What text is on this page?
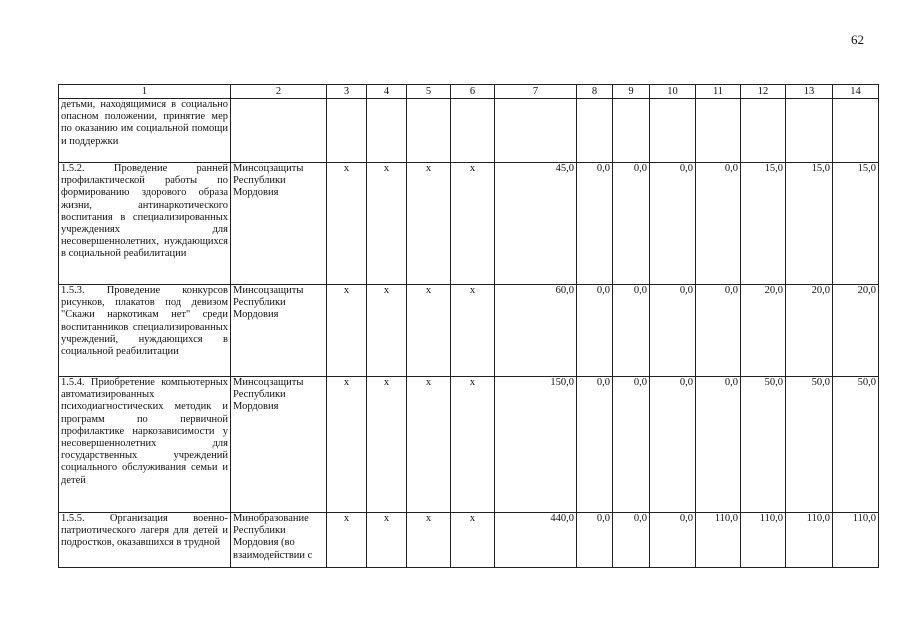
62
1	2	3	4	5	6	7	8	9	10	11	12	13	14
детьми, находящимися в социально опасном положении, принятие мер по оказанию им социальной помощи и поддержки													
1.5.2. Проведение ранней профилактической работы по формированию здорового образа жизни, антинаркотического воспитания в специализированных учреждениях для несовершеннолетних, нуждающихся в социальной реабилитации	Минсоцзащиты Республики Мордовия	х	х	х	х	45,0	0,0	0,0	0,0	0,0	15,0	15,0	15,0
1.5.3. Проведение конкурсов рисунков, плакатов под девизом "Скажи наркотикам нет" среди воспитанников специализированных учреждений, нуждающихся в социальной реабилитации	Минсоцзащиты Республики Мордовия	х	х	х	х	60,0	0,0	0,0	0,0	0,0	20,0	20,0	20,0
1.5.4. Приобретение компьютерных автоматизированных психодиагностических методик и программ по первичной профилактике наркозависимости у несовершеннолетних для государственных учреждений социального обслуживания семьи и детей	Минсоцзащиты Республики Мордовия	х	х	х	х	150,0	0,0	0,0	0,0	0,0	50,0	50,0	50,0
1.5.5. Организация военно-патриотического лагеря для детей и подростков, оказавшихся в трудной	Минобразование Республики Мордовия (во взаимодействии с	х	х	х	х	440,0	0,0	0,0	0,0	110,0	110,0	110,0	110,0
